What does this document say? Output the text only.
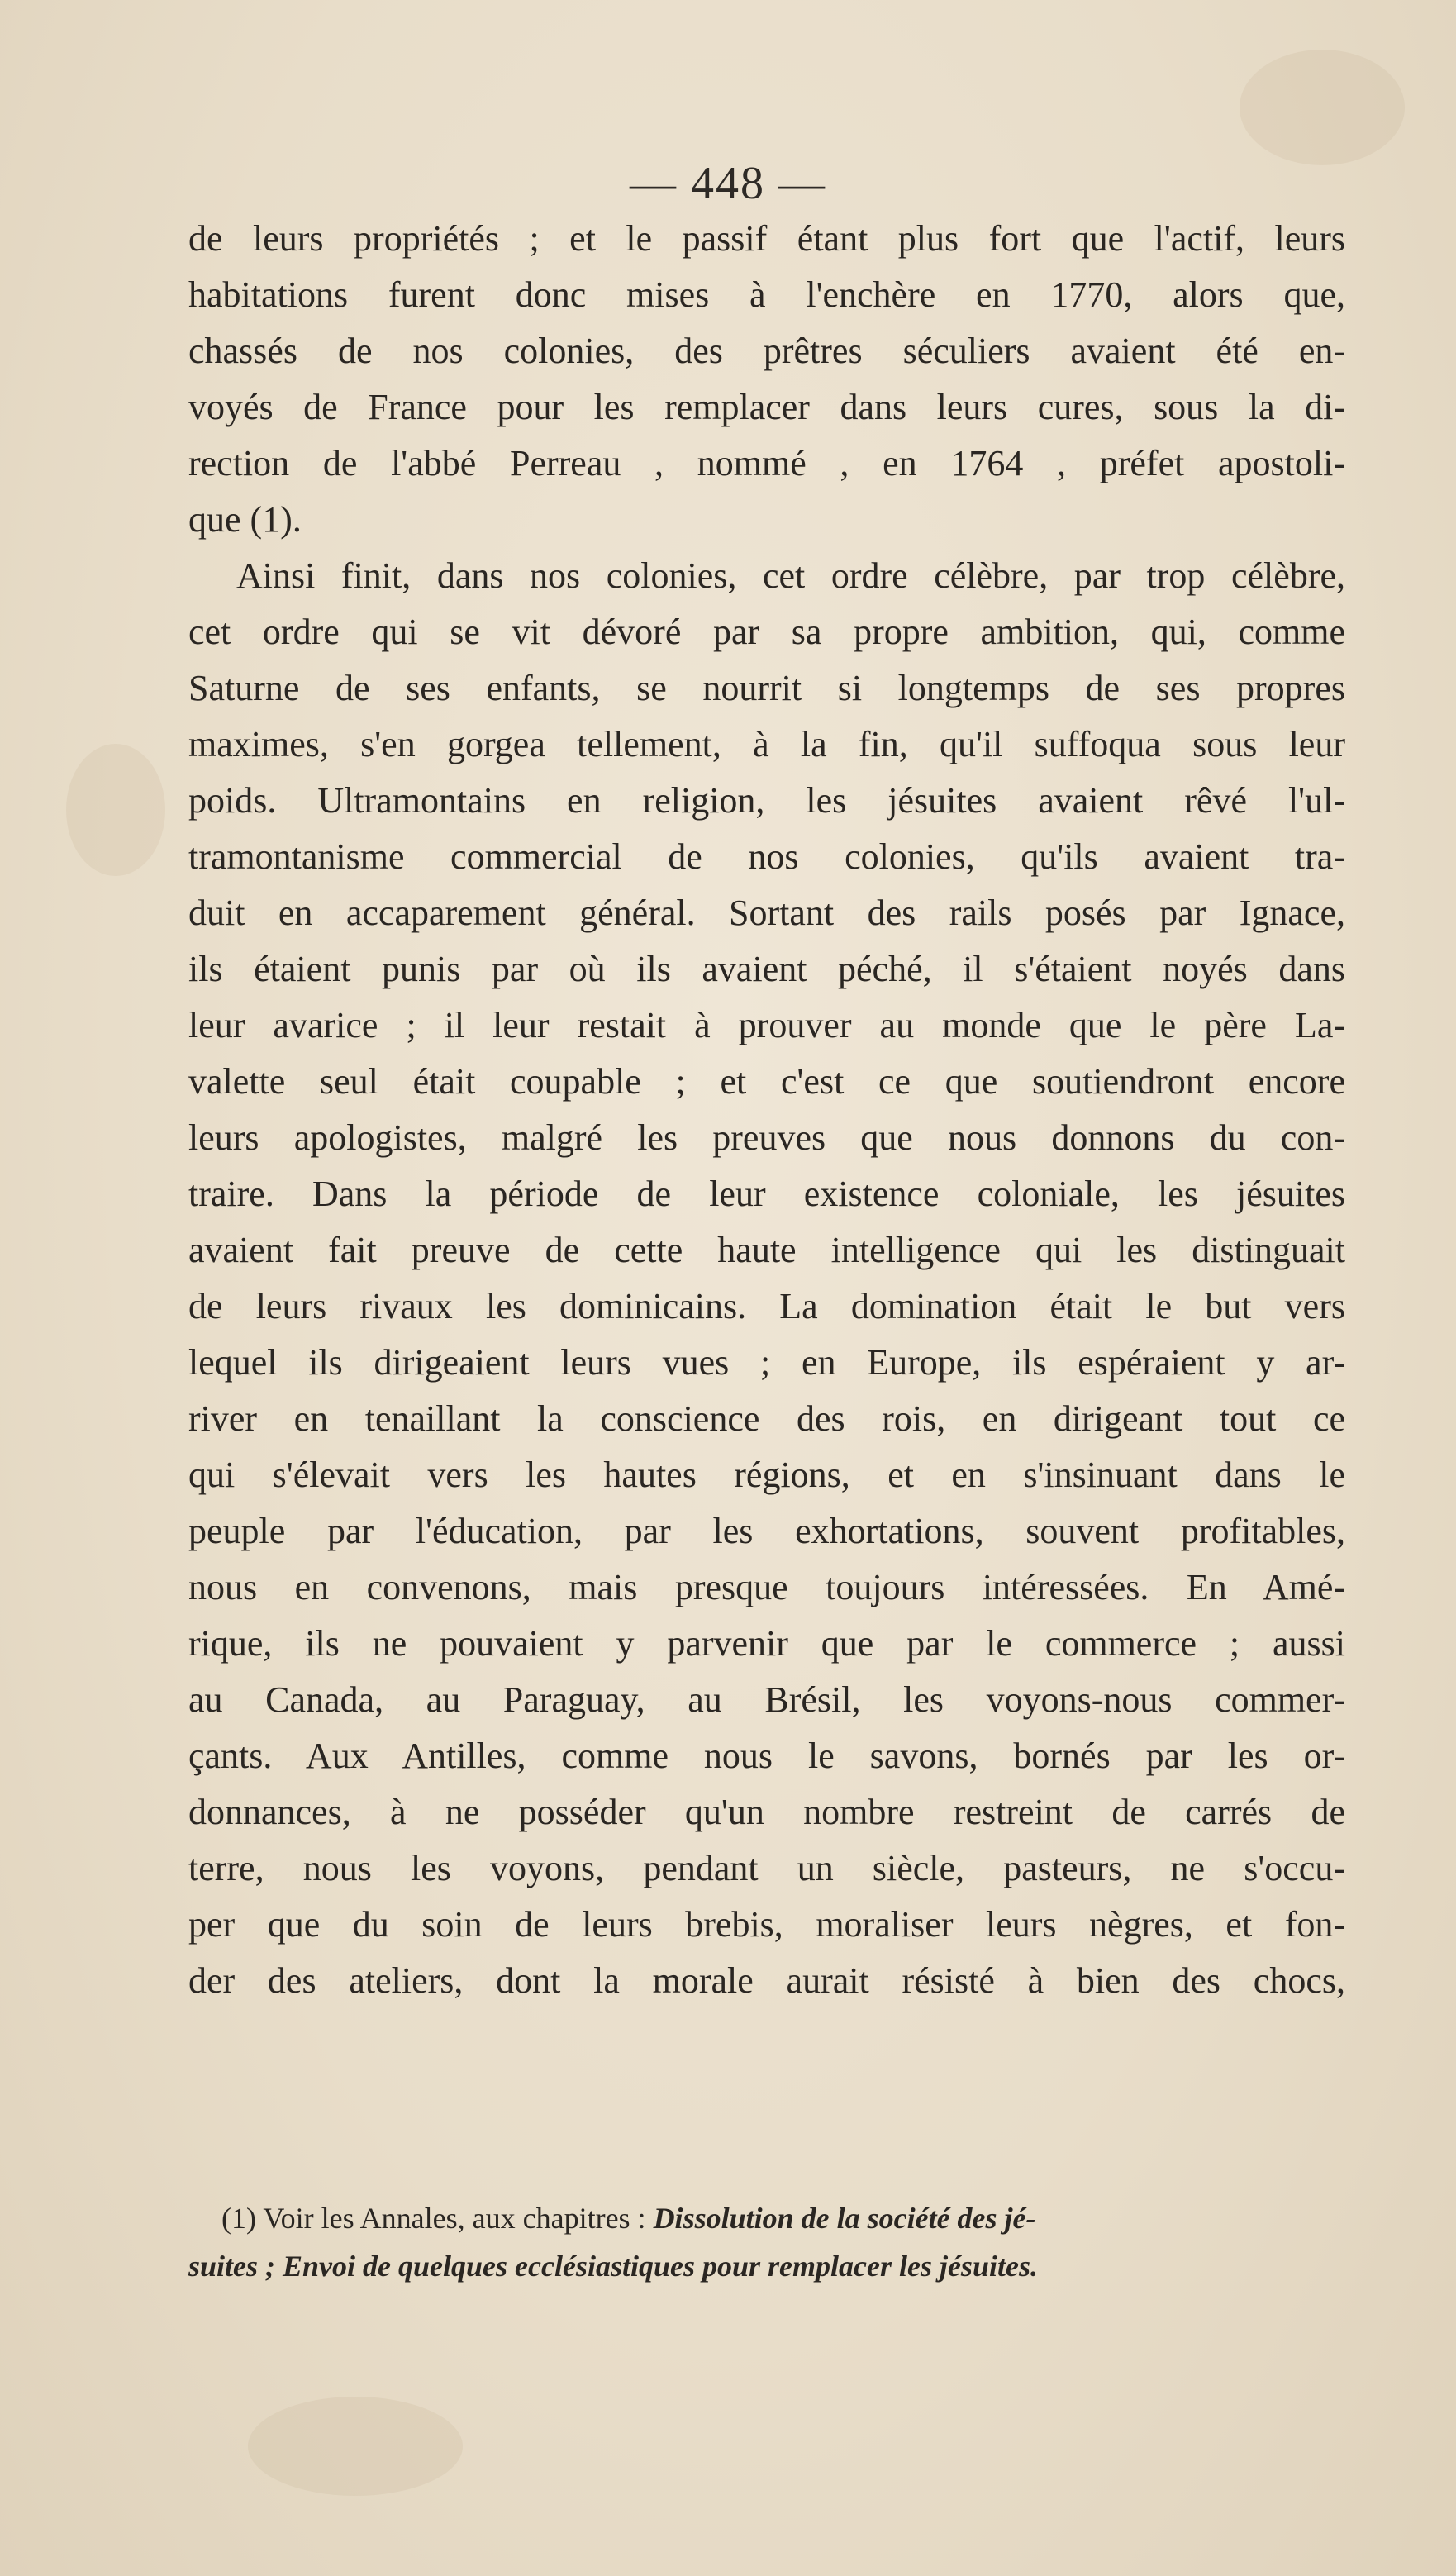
— 448 —
de leurs propriétés ; et le passif étant plus fort que l'actif, leurs
habitations furent donc mises à l'enchère en 1770, alors que,
chassés de nos colonies, des prêtres séculiers avaient été en-
voyés de France pour les remplacer dans leurs cures, sous la di-
rection de l'abbé Perreau , nommé , en 1764 , préfet apostoli-
que (1).
Ainsi finit, dans nos colonies, cet ordre célèbre, par trop célèbre,
cet ordre qui se vit dévoré par sa propre ambition, qui, comme
Saturne de ses enfants, se nourrit si longtemps de ses propres
maximes, s'en gorgea tellement, à la fin, qu'il suffoqua sous leur
poids. Ultramontains en religion, les jésuites avaient rêvé l'ul-
tramontanisme commercial de nos colonies, qu'ils avaient tra-
duit en accaparement général. Sortant des rails posés par Ignace,
ils étaient punis par où ils avaient péché, il s'étaient noyés dans
leur avarice ; il leur restait à prouver au monde que le père La-
valette seul était coupable ; et c'est ce que soutiendront encore
leurs apologistes, malgré les preuves que nous donnons du con-
traire. Dans la période de leur existence coloniale, les jésuites
avaient fait preuve de cette haute intelligence qui les distinguait
de leurs rivaux les dominicains. La domination était le but vers
lequel ils dirigeaient leurs vues ; en Europe, ils espéraient y ar-
river en tenaillant la conscience des rois, en dirigeant tout ce
qui s'élevait vers les hautes régions, et en s'insinuant dans le
peuple par l'éducation, par les exhortations, souvent profitables,
nous en convenons, mais presque toujours intéressées. En Amé-
rique, ils ne pouvaient y parvenir que par le commerce ; aussi
au Canada, au Paraguay, au Brésil, les voyons-nous commer-
çants. Aux Antilles, comme nous le savons, bornés par les or-
donnances, à ne posséder qu'un nombre restreint de carrés de
terre, nous les voyons, pendant un siècle, pasteurs, ne s'occu-
per que du soin de leurs brebis, moraliser leurs nègres, et fon-
der des ateliers, dont la morale aurait résisté à bien des chocs,
(1) Voir les Annales, aux chapitres : Dissolution de la société des jé-
suites ; Envoi de quelques ecclésiastiques pour remplacer les jésuites.
